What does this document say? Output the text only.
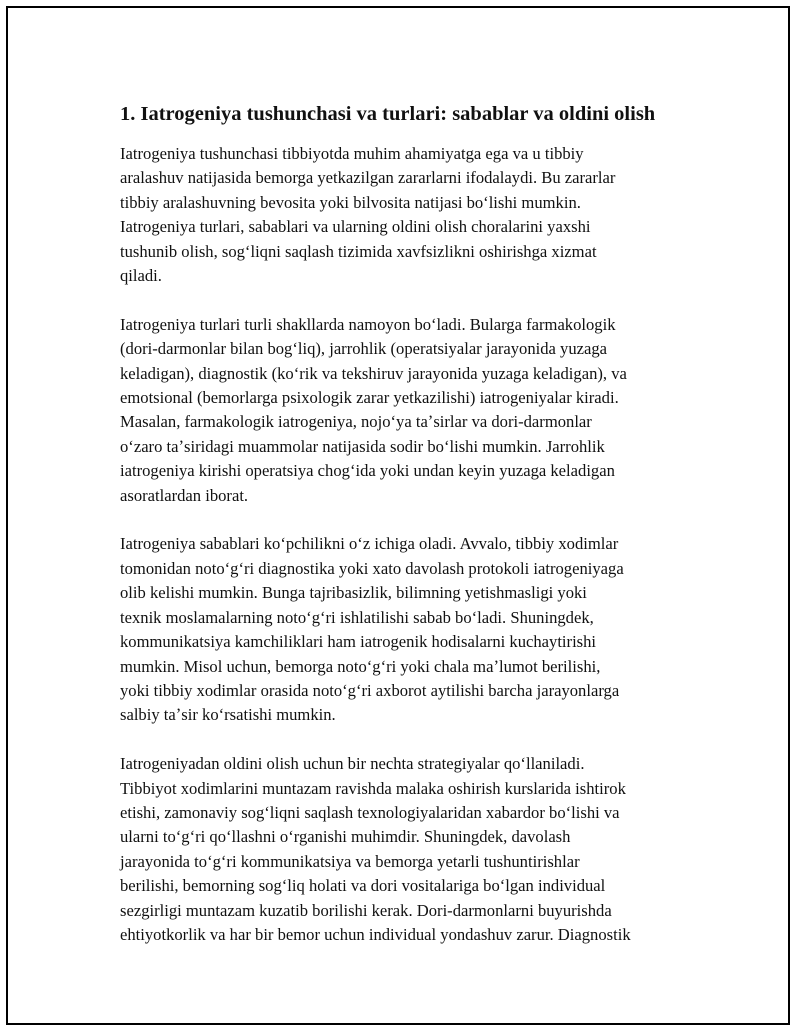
1. Iatrogeniya tushunchasi va turlari: sabablar va oldini olish

Iatrogeniya tushunchasi tibbiyotda muhim ahamiyatga ega va u tibbiy
aralashuv natijasida bemorga yetkazilgan zararlarni ifodalaydi. Bu zararlar
tibbiy aralashuvning bevosita yoki bilvosita natijasi boʻlishi mumkin.
Iatrogeniya turlari, sabablari va ularning oldini olish choralarini yaxshi
tushunib olish, sogʻliqni saqlash tizimida xavfsizlikni oshirishga xizmat
qiladi.

Iatrogeniya turlari turli shakllarda namoyon boʻladi. Bularga farmakologik
(dori-darmonlar bilan bogʻliq), jarrohlik (operatsiyalar jarayonida yuzaga
keladigan), diagnostik (koʻrik va tekshiruv jarayonida yuzaga keladigan), va
emotsional (bemorlarga psixologik zarar yetkazilishi) iatrogeniyalar kiradi.
Masalan, farmakologik iatrogeniya, nojoʻya taʼsirlar va dori-darmonlar
oʻzaro taʼsiridagi muammolar natijasida sodir boʻlishi mumkin. Jarrohlik
iatrogeniya kirishi operatsiya chogʻida yoki undan keyin yuzaga keladigan
asoratlardan iborat.

Iatrogeniya sabablari koʻpchilikni oʻz ichiga oladi. Avvalo, tibbiy xodimlar
tomonidan notoʻgʻri diagnostika yoki xato davolash protokoli iatrogeniyaga
olib kelishi mumkin. Bunga tajribasizlik, bilimning yetishmasligi yoki
texnik moslamalarning notoʻgʻri ishlatilishi sabab boʻladi. Shuningdek,
kommunikatsiya kamchiliklari ham iatrogenik hodisalarni kuchaytirishi
mumkin. Misol uchun, bemorga notoʻgʻri yoki chala maʼlumot berilishi,
yoki tibbiy xodimlar orasida notoʻgʻri axborot aytilishi barcha jarayonlarga
salbiy taʼsir koʻrsatishi mumkin.

Iatrogeniyadan oldini olish uchun bir nechta strategiyalar qoʻllaniladi.
Tibbiyot xodimlarini muntazam ravishda malaka oshirish kurslarida ishtirok
etishi, zamonaviy sogʻliqni saqlash texnologiyalaridan xabardor boʻlishi va
ularni toʻgʻri qoʻllashni oʻrganishi muhimdir. Shuningdek, davolash
jarayonida toʻgʻri kommunikatsiya va bemorga yetarli tushuntirishlar
berilishi, bemorning sogʻliq holati va dori vositalariga boʻlgan individual
sezgirligi muntazam kuzatib borilishi kerak. Dori-darmonlarni buyurishda
ehtiyotkorlik va har bir bemor uchun individual yondashuv zarur. Diagnostik
